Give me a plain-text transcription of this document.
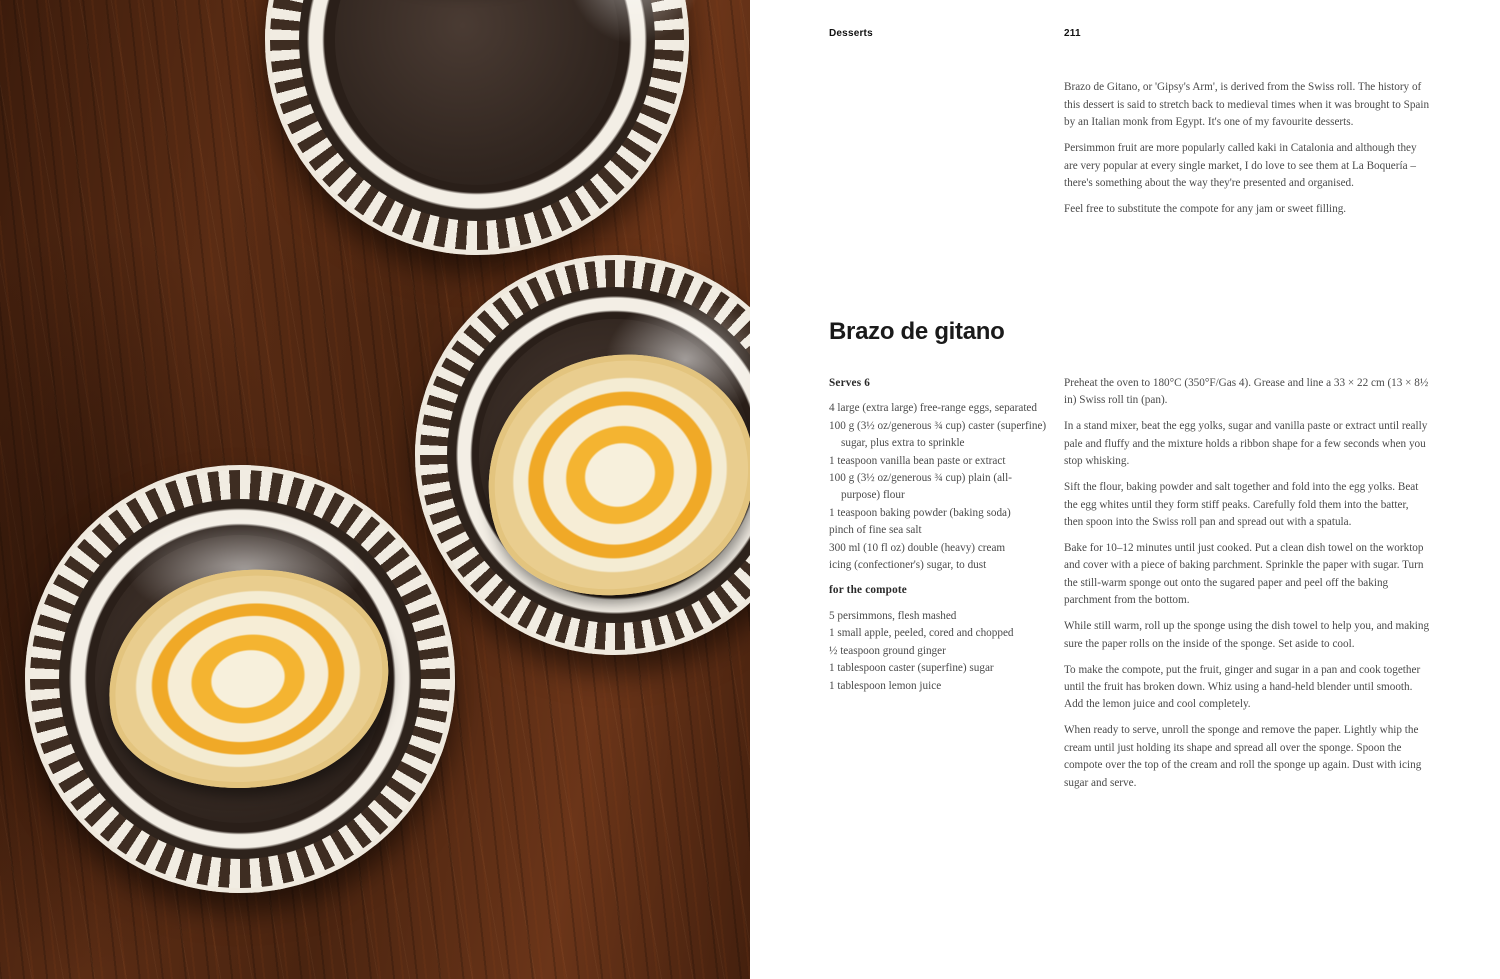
Desserts	211

Brazo de Gitano, or 'Gipsy's Arm', is derived from the Swiss roll. The history of this dessert is said to stretch back to medieval times when it was brought to Spain by an Italian monk from Egypt. It's one of my favourite desserts.

Persimmon fruit are more popularly called kaki in Catalonia and although they are very popular at every single market, I do love to see them at La Boquería – there's something about the way they're presented and organised.

Feel free to substitute the compote for any jam or sweet filling.

Brazo de gitano
Serves 6
4 large (extra large) free-range eggs, separated
100 g (3½ oz/generous ¾ cup) caster (superfine) sugar, plus extra to sprinkle
1 teaspoon vanilla bean paste or extract
100 g (3½ oz/generous ¾ cup) plain (all-purpose) flour
1 teaspoon baking powder (baking soda)
pinch of fine sea salt
300 ml (10 fl oz) double (heavy) cream
icing (confectioner's) sugar, to dust
for the compote
5 persimmons, flesh mashed
1 small apple, peeled, cored and chopped
½ teaspoon ground ginger
1 tablespoon caster (superfine) sugar
1 tablespoon lemon juice

Preheat the oven to 180°C (350°F/Gas 4). Grease and line a 33 × 22 cm (13 × 8½ in) Swiss roll tin (pan).

In a stand mixer, beat the egg yolks, sugar and vanilla paste or extract until really pale and fluffy and the mixture holds a ribbon shape for a few seconds when you stop whisking.

Sift the flour, baking powder and salt together and fold into the egg yolks. Beat the egg whites until they form stiff peaks. Carefully fold them into the batter, then spoon into the Swiss roll pan and spread out with a spatula.

Bake for 10–12 minutes until just cooked. Put a clean dish towel on the worktop and cover with a piece of baking parchment. Sprinkle the paper with sugar. Turn the still-warm sponge out onto the sugared paper and peel off the baking parchment from the bottom.

While still warm, roll up the sponge using the dish towel to help you, and making sure the paper rolls on the inside of the sponge. Set aside to cool.

To make the compote, put the fruit, ginger and sugar in a pan and cook together until the fruit has broken down. Whiz using a hand-held blender until smooth. Add the lemon juice and cool completely.

When ready to serve, unroll the sponge and remove the paper. Lightly whip the cream until just holding its shape and spread all over the sponge. Spoon the compote over the top of the cream and roll the sponge up again. Dust with icing sugar and serve.
